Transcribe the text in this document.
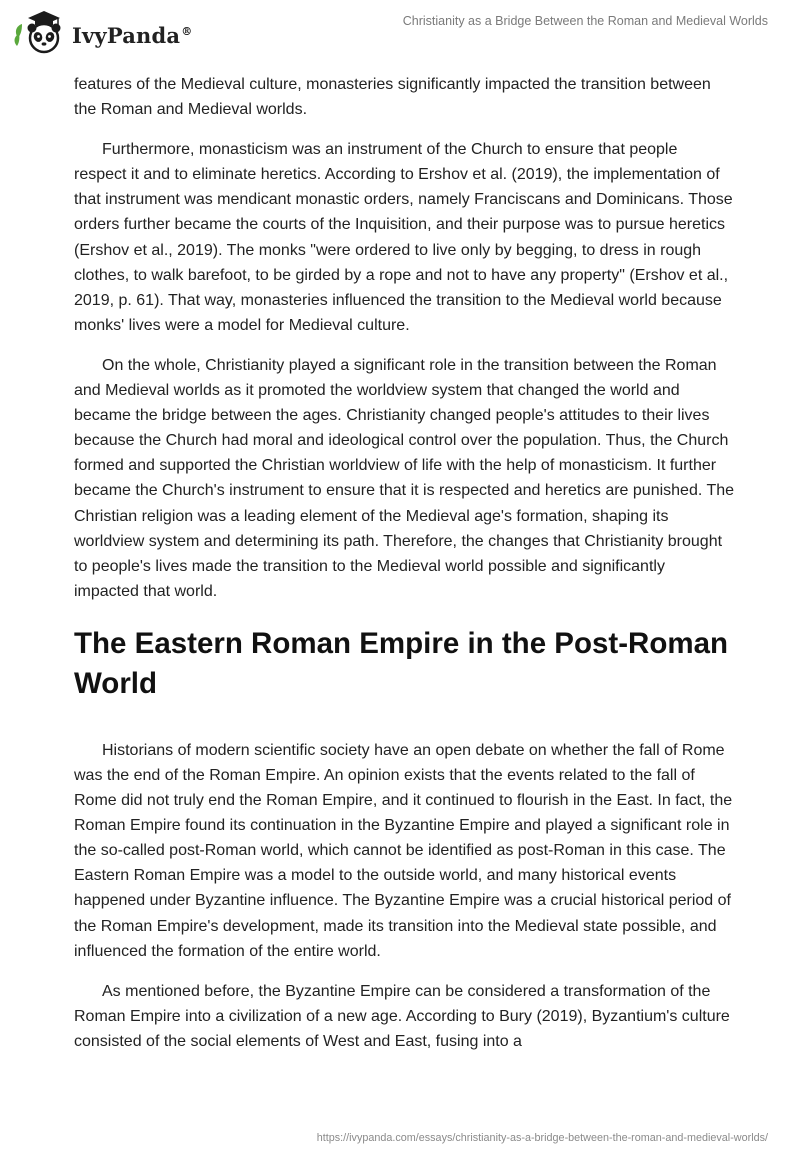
IvyPanda®
Christianity as a Bridge Between the Roman and Medieval Worlds

features of the Medieval culture, monasteries significantly impacted the transition between the Roman and Medieval worlds.

Furthermore, monasticism was an instrument of the Church to ensure that people respect it and to eliminate heretics. According to Ershov et al. (2019), the implementation of that instrument was mendicant monastic orders, namely Franciscans and Dominicans. Those orders further became the courts of the Inquisition, and their purpose was to pursue heretics (Ershov et al., 2019). The monks "were ordered to live only by begging, to dress in rough clothes, to walk barefoot, to be girded by a rope and not to have any property" (Ershov et al., 2019, p. 61). That way, monasteries influenced the transition to the Medieval world because monks' lives were a model for Medieval culture.

On the whole, Christianity played a significant role in the transition between the Roman and Medieval worlds as it promoted the worldview system that changed the world and became the bridge between the ages. Christianity changed people's attitudes to their lives because the Church had moral and ideological control over the population. Thus, the Church formed and supported the Christian worldview of life with the help of monasticism. It further became the Church's instrument to ensure that it is respected and heretics are punished. The Christian religion was a leading element of the Medieval age's formation, shaping its worldview system and determining its path. Therefore, the changes that Christianity brought to people's lives made the transition to the Medieval world possible and significantly impacted that world.

The Eastern Roman Empire in the Post-Roman World

Historians of modern scientific society have an open debate on whether the fall of Rome was the end of the Roman Empire. An opinion exists that the events related to the fall of Rome did not truly end the Roman Empire, and it continued to flourish in the East. In fact, the Roman Empire found its continuation in the Byzantine Empire and played a significant role in the so-called post-Roman world, which cannot be identified as post-Roman in this case. The Eastern Roman Empire was a model to the outside world, and many historical events happened under Byzantine influence. The Byzantine Empire was a crucial historical period of the Roman Empire's development, made its transition into the Medieval state possible, and influenced the formation of the entire world.

As mentioned before, the Byzantine Empire can be considered a transformation of the Roman Empire into a civilization of a new age. According to Bury (2019), Byzantium's culture consisted of the social elements of West and East, fusing into a

https://ivypanda.com/essays/christianity-as-a-bridge-between-the-roman-and-medieval-worlds/
